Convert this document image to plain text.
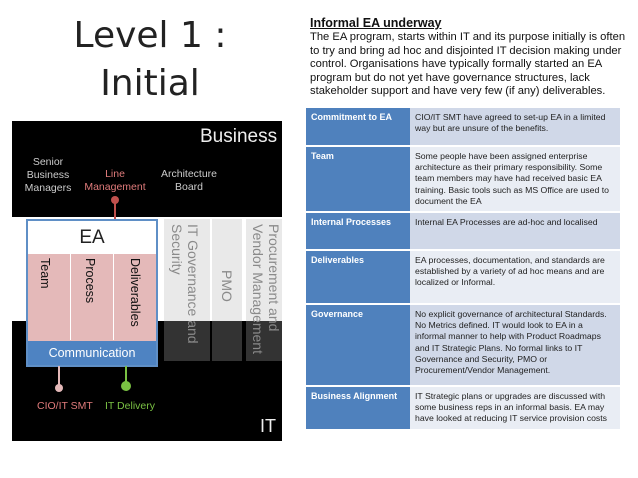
Level 1 :
Initial
Informal EA underway
The EA program, starts within IT and its purpose initially is often to try and bring ad hoc and disjointed IT decision making under control. Organisations have typically formally started an EA program but do not yet have governance structures, lack stakeholder support and have very few (if any) deliverables.
Business
Senior
Business
Managers
Line
Management
Architecture
Board
IT
IT Governance and Security
PMO	Procurement and Vendor Management
EA
Team Process Deliverables
Communication
CIO/IT SMT IT Delivery
Commitment to EA	CIO/IT SMT have agreed to set-up EA in a limited way but are unsure of the benefits.
Team	Some people have been assigned enterprise architecture as their primary responsibility. Some team members may have had received basic EA training. Basic tools such as MS Office are used to document the EA
Internal Processes	Internal EA Processes are ad-hoc and localised
Deliverables	EA processes, documentation, and standards are established by a variety of ad hoc means and are localized or Informal.
Governance	No explicit governance of architectural Standards. No Metrics defined. IT would look to EA in a informal manner to help with Product Roadmaps and IT Strategic Plans. No formal links to IT Governance and Security, PMO or Procurement/Vendor Management.
Business Alignment	IT Strategic plans or upgrades are discussed with some business reps in an informal basis. EA may have looked at reducing IT service provision costs
